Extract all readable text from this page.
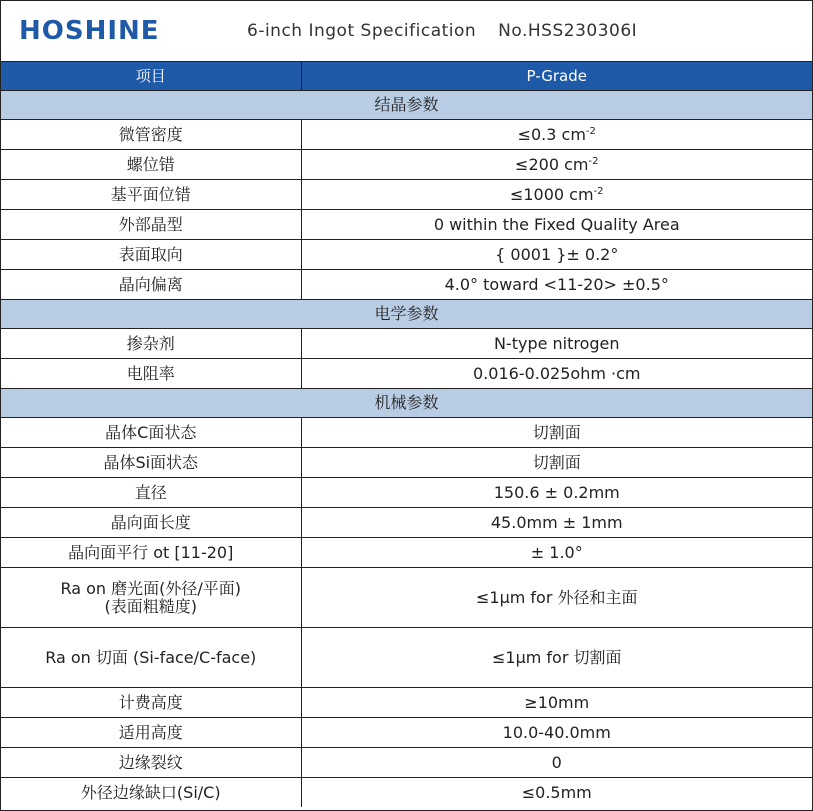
HOSHINE	6-inch Ingot Specification No.HSS230306I
项目	P-Grade
结晶参数	
微管密度	≤0.3 $cm^{-2}$
螺位错	≤200 $cm^{-2}$
基平面位错	≤1000 $cm^{-2}$
外部晶型	0 within the Fixed Quality Area
表面取向	{ 0001 }± 0.2°
晶向偏离	4.0° toward <11-20> ±0.5°
电学参数	
掺杂剂	N-type nitrogen
电阻率	0.016-0.025ohm ·cm
机械参数	
晶体C面状态	切割面
晶体Si面状态	切割面
直径	150.6 ± 0.2mm
晶向面长度	45.0mm ± 1mm
晶向面平行 ot [11-20]	± 1.0°

Ra on 磨光面(外径/平面)
(表面粗糙度)	≤1μm for 外径和主面
Ra on 切面 (Si-face/C-face)	≤1μm for 切割面
计费高度	≥10mm
适用高度	10.0-40.0mm
边缘裂纹	0
外径边缘缺口(Si/C)	≤0.5mm
